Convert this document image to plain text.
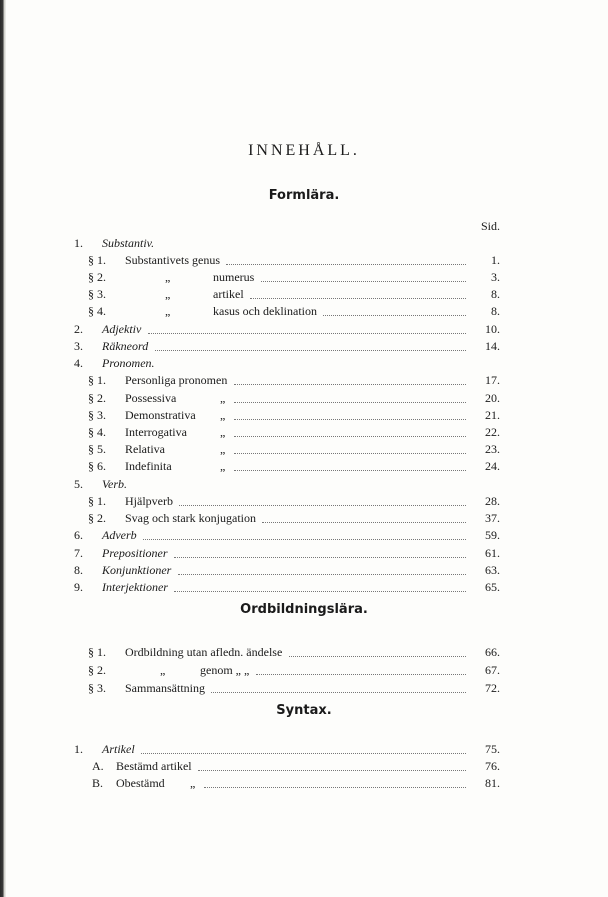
INNEHÅLL.
Formlära.
Ordbildningslära.
Syntax.
Sid.
1. Substantiv.
§ 1. Substantivets genus	1.
§ 2.	„	numerus	3.
§ 3.	„	artikel	8.
§ 4.	„	kasus och deklination	8.
2. Adjektiv	10.
3. Räkneord	14.
4. Pronomen.
§ 1. Personliga pronomen	17.
§ 2. Possessiva	„	20.
§ 3. Demonstrativa „	21.
§ 4. Interrogativa	„	22.
§ 5. Relativa	„	23.
§ 6. Indefinita	„	24.
5. Verb.
§ 1. Hjälpverb	28.
§ 2. Svag och stark konjugation	37.
6. Adverb	59.
7. Prepositioner	61.
8. Konjunktioner	63.
9. Interjektioner	65.
§ 1. Ordbildning utan afledn. ändelse	66.
§ 2.	„	genom „ „	67.
§ 3. Sammansättning	72.
1. Artikel	75.
A. Bestämd artikel	76.
B. Obestämd „	81.
